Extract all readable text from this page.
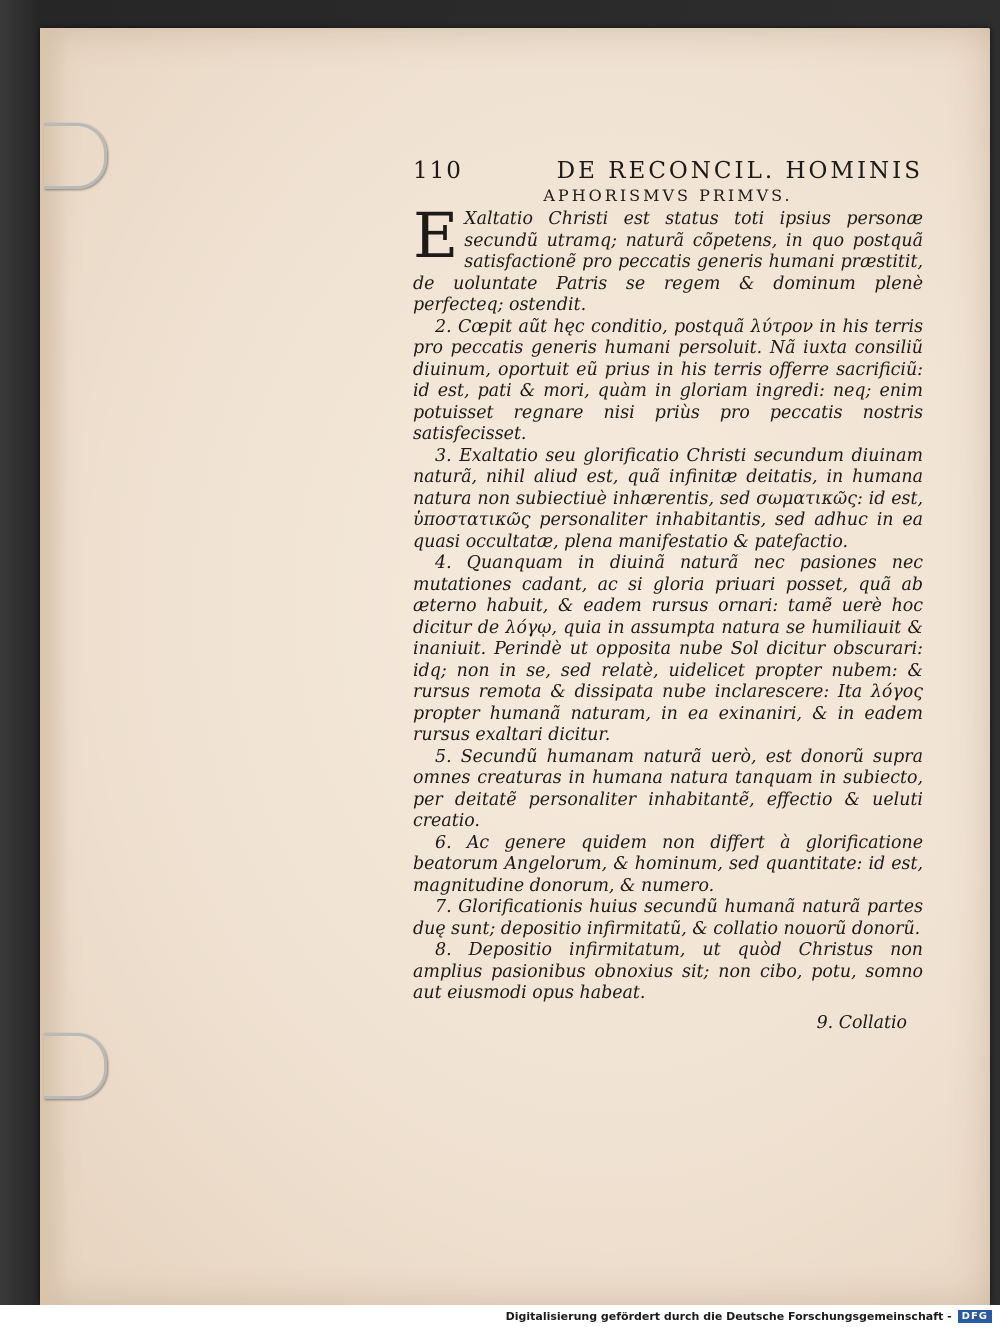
110	DE RECONCIL. HOMINIS
APHORISMVS PRIMVS.

E Xaltatio Christi est status toti ipsius personæ secundũ utramq; naturã cõpetens, in quo postquã satisfactionẽ pro peccatis generis humani præstitit, de uoluntate Patris se regem & dominum plenè perfecteq; ostendit.

2. Cœpit aũt hęc conditio, postquã λύτρον in his terris pro peccatis generis humani persoluit. Nã iuxta consiliũ diuinum, oportuit eũ prius in his terris offerre sacrificiũ: id est, pati & mori, quàm in gloriam ingredi: neq; enim potuisset regnare nisi priùs pro peccatis nostris satisfecisset.

3. Exaltatio seu glorificatio Christi secundum diuinam naturã, nihil aliud est, quã infinitæ deitatis, in humana natura non subiectiuè inhærentis, sed σωματικῶς: id est, ὑποστατικῶς personaliter inhabitantis, sed adhuc in ea quasi occultatæ, plena manifestatio & patefactio.

4. Quanquam in diuinã naturã nec pasiones nec mutationes cadant, ac si gloria priuari posset, quã ab æterno habuit, & eadem rursus ornari: tamẽ uerè hoc dicitur de λόγῳ, quia in assumpta natura se humiliauit & inaniuit. Perindè ut opposita nube Sol dicitur obscurari: idq; non in se, sed relatè, uidelicet propter nubem: & rursus remota & dissipata nube inclarescere: Ita λόγος propter humanã naturam, in ea exinaniri, & in eadem rursus exaltari dicitur.

5. Secundũ humanam naturã uerò, est donorũ supra omnes creaturas in humana natura tanquam in subiecto, per deitatẽ personaliter inhabitantẽ, effectio & ueluti creatio.

6. Ac genere quidem non differt à glorificatione beatorum Angelorum, & hominum, sed quantitate: id est, magnitudine donorum, & numero.

7. Glorificationis huius secundũ humanã naturã partes duę sunt; depositio infirmitatũ, & collatio nouorũ donorũ.

8. Depositio infirmitatum, ut quòd Christus non amplius pasionibus obnoxius sit; non cibo, potu, somno aut eiusmodi opus habeat.

9. Collatio
Digitalisierung gefördert durch die Deutsche Forschungsgemeinschaft -	DFG
